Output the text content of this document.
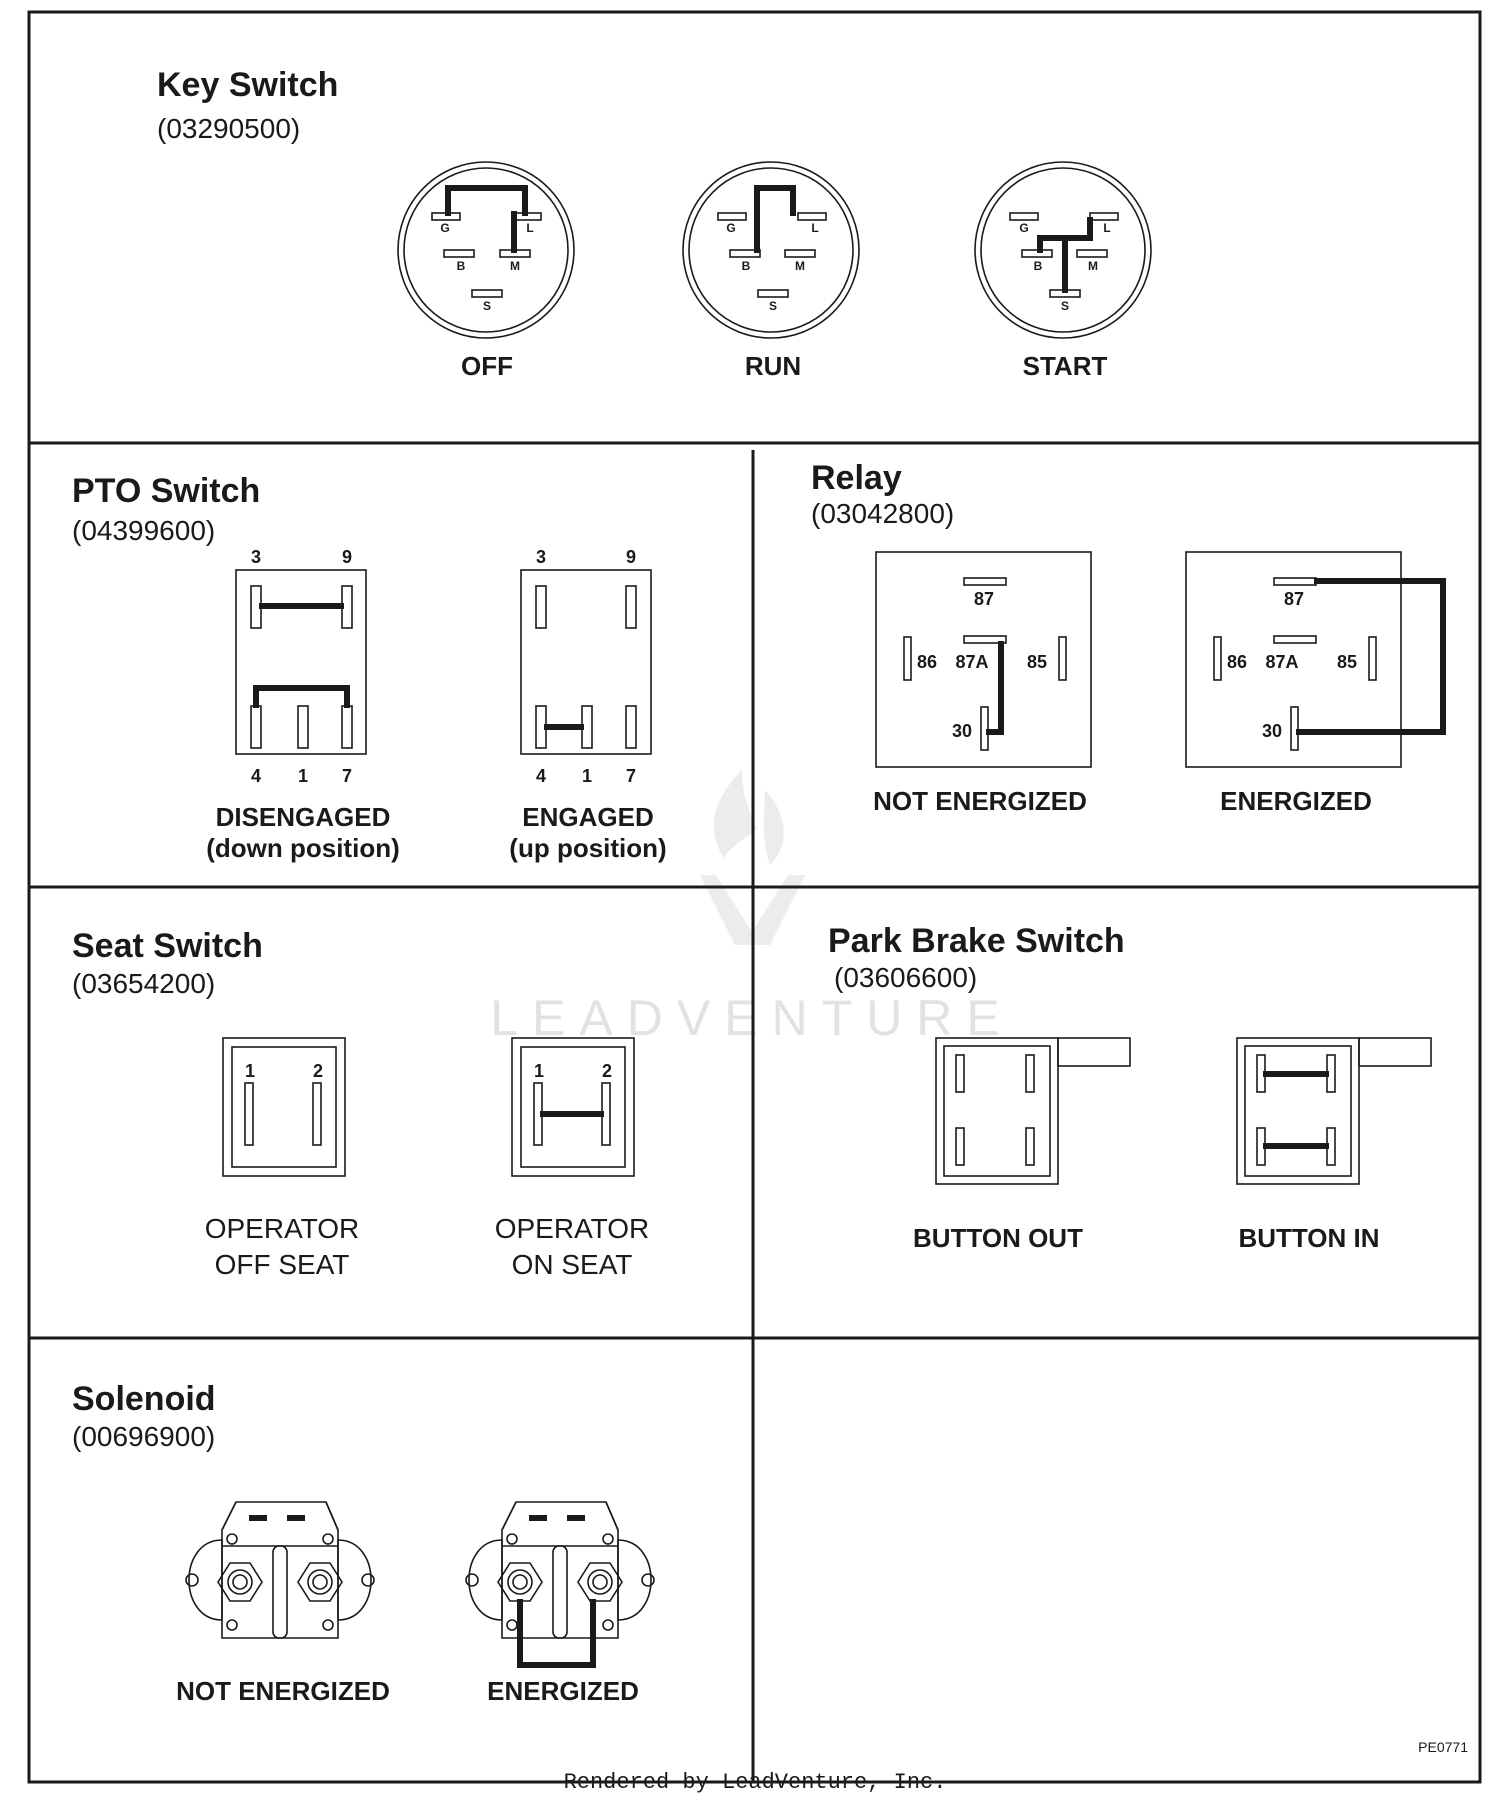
LEADVENTURE
Key Switch
(03290500)
G	L
B	M
S
OFF
G	L
B	M
S
RUN
G	L
B	M
S
START
PTO Switch
(04399600)
3	9
4 1 7
DISENGAGED
(down position)
3	9
4 1 7
ENGAGED
(up position)
Relay
(03042800)
87
86 87A 85
30
NOT ENERGIZED
87
86 87A 85
30
ENERGIZED
Seat Switch
(03654200)
1	2
OPERATOR
OFF SEAT
1	2
OPERATOR
ON SEAT
Park Brake Switch
(03606600)
BUTTON OUT	BUTTON IN
Solenoid
(00696900)
NOT ENERGIZED	ENERGIZED
PE0771
Rendered by LeadVenture, Inc.
